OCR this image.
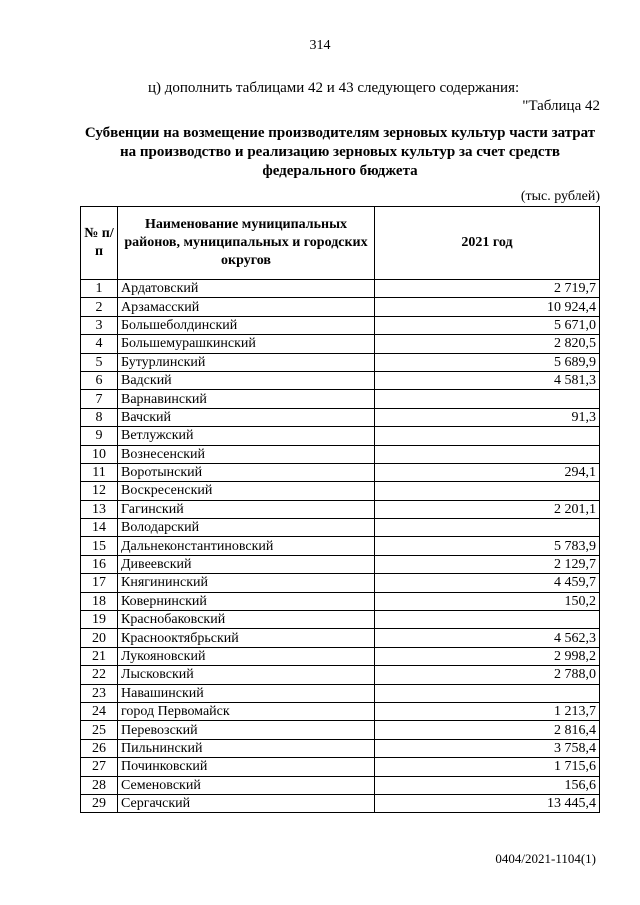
314
ц) дополнить таблицами 42 и 43 следующего содержания:
"Таблица 42
Субвенции на возмещение производителям зерновых культур части затрат на производство и реализацию зерновых культур за счет средств федерального бюджета
(тыс. рублей)
№ п/п	Наименование муниципальных районов, муниципальных и городских округов	2021 год
1	Ардатовский	2 719,7
2	Арзамасский	10 924,4
3	Большеболдинский	5 671,0
4	Большемурашкинский	2 820,5
5	Бутурлинский	5 689,9
6	Вадский	4 581,3
7	Варнавинский	
8	Вачский	91,3
9	Ветлужский	
10	Вознесенский	
11	Воротынский	294,1
12	Воскресенский	
13	Гагинский	2 201,1
14	Володарский	
15	Дальнеконстантиновский	5 783,9
16	Дивеевский	2 129,7
17	Княгининский	4 459,7
18	Ковернинский	150,2
19	Краснобаковский	
20	Краснооктябрьский	4 562,3
21	Лукояновский	2 998,2
22	Лысковский	2 788,0
23	Навашинский	
24	город Первомайск	1 213,7
25	Перевозский	2 816,4
26	Пильнинский	3 758,4
27	Починковский	1 715,6
28	Семеновский	156,6
29	Сергачский	13 445,4
0404/2021-1104(1)
